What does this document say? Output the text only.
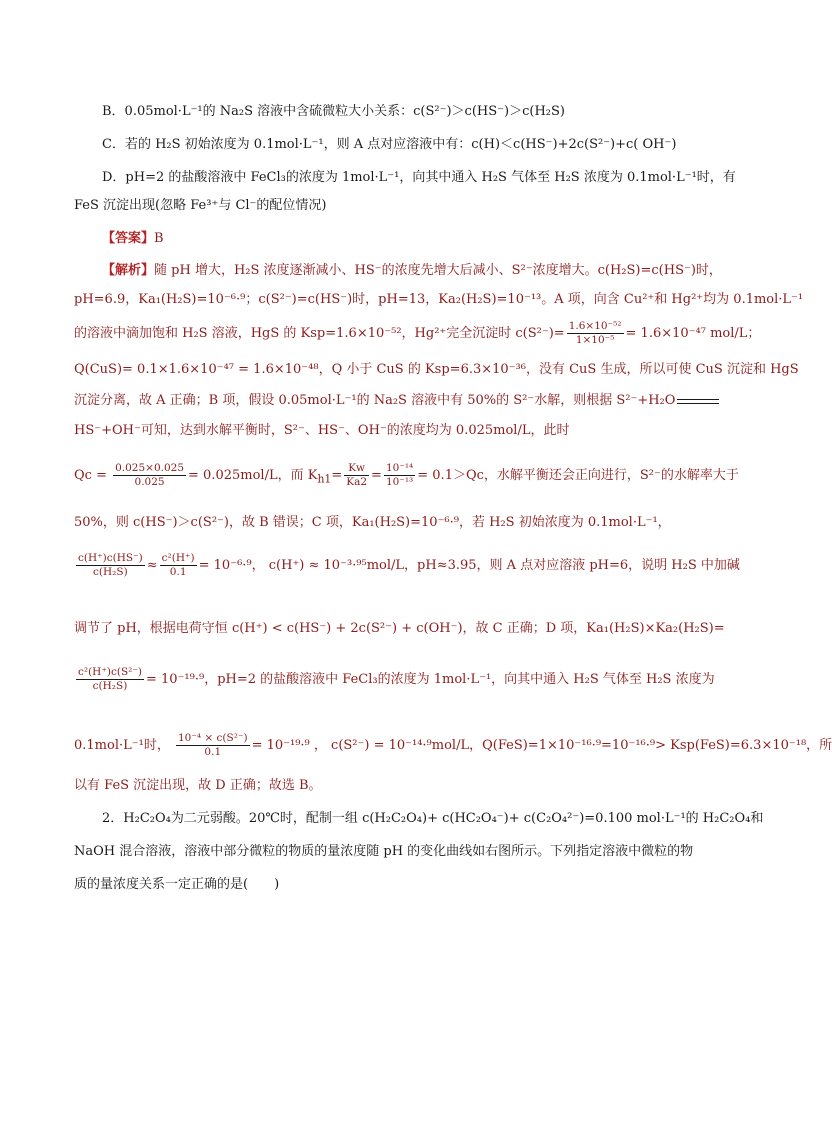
B．0.05mol·L⁻¹的 Na₂S 溶液中含硫微粒大小关系：c(S²⁻)＞c(HS⁻)＞c(H₂S)
C．若的 H₂S 初始浓度为 0.1mol·L⁻¹，则 A 点对应溶液中有：c(H)＜c(HS⁻)+2c(S²⁻)+c( OH⁻)
D．pH=2 的盐酸溶液中 FeCl₃的浓度为 1mol·L⁻¹，向其中通入 H₂S 气体至 H₂S 浓度为 0.1mol·L⁻¹时，有
FeS 沉淀出现(忽略 Fe³⁺与 Cl⁻的配位情况)
【答案】B
【解析】随 pH 增大，H₂S 浓度逐渐减小、HS⁻的浓度先增大后减小、S²⁻浓度增大。c(H₂S)=c(HS⁻)时，
pH=6.9，Ka₁(H₂S)=10⁻⁶·⁹；c(S²⁻)=c(HS⁻)时，pH=13，Ka₂(H₂S)=10⁻¹³。A 项，向含 Cu²⁺和 Hg²⁺均为 0.1mol·L⁻¹
的溶液中滴加饱和 H₂S 溶液，HgS 的 Ksp=1.6×10⁻⁵²，Hg²⁺完全沉淀时 $c(S^{2-})= \frac{\text{1.6×10⁻⁵²}}{\text{1×10⁻⁵}} = 1.6\times 10^{-47}$ mol/L；
Q(CuS)= 0.1×1.6×10⁻⁴⁷ = 1.6×10⁻⁴⁸，Q 小于 CuS 的 Ksp=6.3×10⁻³⁶，没有 CuS 生成，所以可使 CuS 沉淀和 HgS
沉淀分离，故 A 正确；B 项，假设 0.05mol·L⁻¹的 Na₂S 溶液中有 50%的 S²⁻水解，则根据 S²⁻+H₂O
HS⁻+OH⁻可知，达到水解平衡时，S²⁻、HS⁻、OH⁻的浓度均为 0.025mol/L，此时
$Qc = \frac{0.025\times 0.025}{0.025} = 0.025mol/L$，而 $K_{h1}= \frac{Kw}{Ka2} = \frac{\text{10⁻¹⁴}}{\text{10⁻¹³}} = 0.1>Qc$，水解平衡还会正向进行，S²⁻的水解率大于
50%，则 c(HS⁻)＞c(S²⁻)，故 B 错误；C 项，Ka₁(H₂S)=10⁻⁶·⁹，若 H₂S 初始浓度为 0.1mol·L⁻¹，
$\frac{c(H^+)c(HS^-)}{\text{c(H₂S)}} \approx \frac{\text{c²(H⁺)}}{0.1} = 10^{-6}\cdot^9$， c(H⁺) ≈ 10⁻³·⁹⁵mol/L，pH≈3.95，则 A 点对应溶液 pH=6，说明 H₂S 中加碱
调节了 pH，根据电荷守恒 c(H⁺) < c(HS⁻) + 2c(S²⁻) + c(OH⁻)，故 C 正确；D 项，Ka₁(H₂S)×Ka₂(H₂S)=
$\frac{\text{c²(H⁺)c(S²⁻)}}{\text{c(H₂S)}} = 10^{-19}\cdot^9$，pH=2 的盐酸溶液中 FeCl₃的浓度为 1mol·L⁻¹，向其中通入 H₂S 气体至 H₂S 浓度为
0.1mol·L⁻¹时， $\frac{\text{10⁻⁴ × c(S²⁻)}}{0.1} = 10^{-19}\cdot^9$ ， c(S²⁻) = 10⁻¹⁴·⁹mol/L，Q(FeS)=1×10⁻¹⁶·⁹=10⁻¹⁶·⁹> Ksp(FeS)=6.3×10⁻¹⁸，所
以有 FeS 沉淀出现，故 D 正确；故选 B。
2．H₂C₂O₄为二元弱酸。20℃时，配制一组 c(H₂C₂O₄)+ c(HC₂O₄⁻)+ c(C₂O₄²⁻)=0.100 mol·L⁻¹的 H₂C₂O₄和
NaOH 混合溶液，溶液中部分微粒的物质的量浓度随 pH 的变化曲线如右图所示。下列指定溶液中微粒的物
质的量浓度关系一定正确的是(　　)
